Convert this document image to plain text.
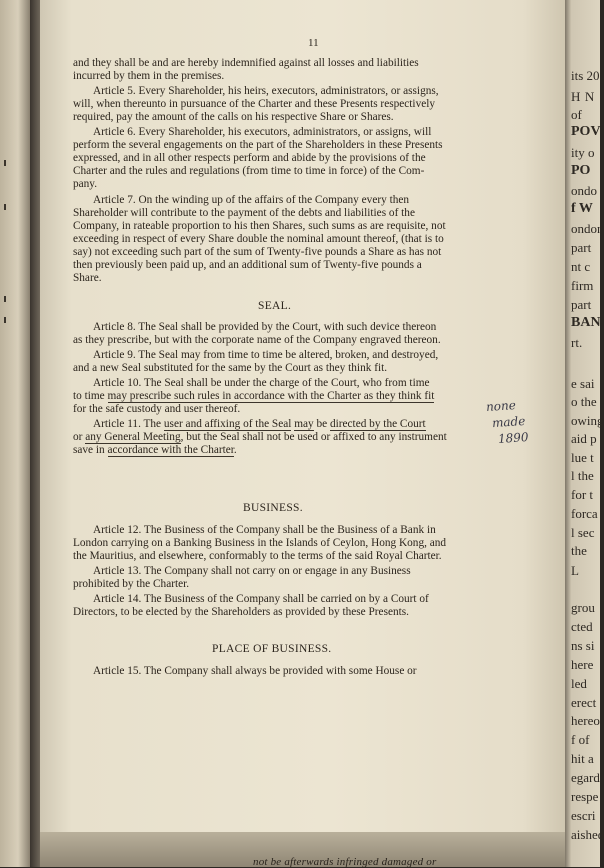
11
and they shall be and are hereby indemnified against all losses and liabilities
incurred by them in the premises.
Article 5. Every Shareholder, his heirs, executors, administrators, or assigns,
will, when thereunto in pursuance of the Charter and these Presents respectively
required, pay the amount of the calls on his respective Share or Shares.
Article 6. Every Shareholder, his executors, administrators, or assigns, will
perform the several engagements on the part of the Shareholders in these Presents
expressed, and in all other respects perform and abide by the provisions of the
Charter and the rules and regulations (from time to time in force) of the Com-
pany.
Article 7. On the winding up of the affairs of the Company every then
Shareholder will contribute to the payment of the debts and liabilities of the
Company, in rateable proportion to his then Shares, such sums as are requisite, not
exceeding in respect of every Share double the nominal amount thereof, (that is to
say) not exceeding such part of the sum of Twenty-five pounds a Share as has not
then previously been paid up, and an additional sum of Twenty-five pounds a
Share.
SEAL.
Article 8. The Seal shall be provided by the Court, with such device thereon
as they prescribe, but with the corporate name of the Company engraved thereon.
Article 9. The Seal may from time to time be altered, broken, and destroyed,
and a new Seal substituted for the same by the Court as they think fit.
Article 10. The Seal shall be under the charge of the Court, who from time
to time may prescribe such rules in accordance with the Charter as they think fit
for the safe custody and user thereof.
Article 11. The user and affixing of the Seal may be directed by the Court
or any General Meeting, but the Seal shall not be used or affixed to any instrument
save in accordance with the Charter.
none
made
1890
BUSINESS.
Article 12. The Business of the Company shall be the Business of a Bank in
London carrying on a Banking Business in the Islands of Ceylon, Hong Kong, and
the Mauritius, and elsewhere, conformably to the terms of the said Royal Charter.
Article 13. The Company shall not carry on or engage in any Business
prohibited by the Charter.
Article 14. The Business of the Company shall be carried on by a Court of
Directors, to be elected by the Shareholders as provided by these Presents.
PLACE OF BUSINESS.
Article 15. The Company shall always be provided with some House or
not be afterwards infringed damaged or
its 20
H N
of
POV
ity o
PO
ondo
f W
ondor
part
nt c
firm
part
BAN
rt.
e sai
o the
owing
aid p
lue t
l the
for t
forca
l sec
the
L
grou
cted
ns si
here
led
erect
hereo
f of
hit a
egard
respe
escri
aished
